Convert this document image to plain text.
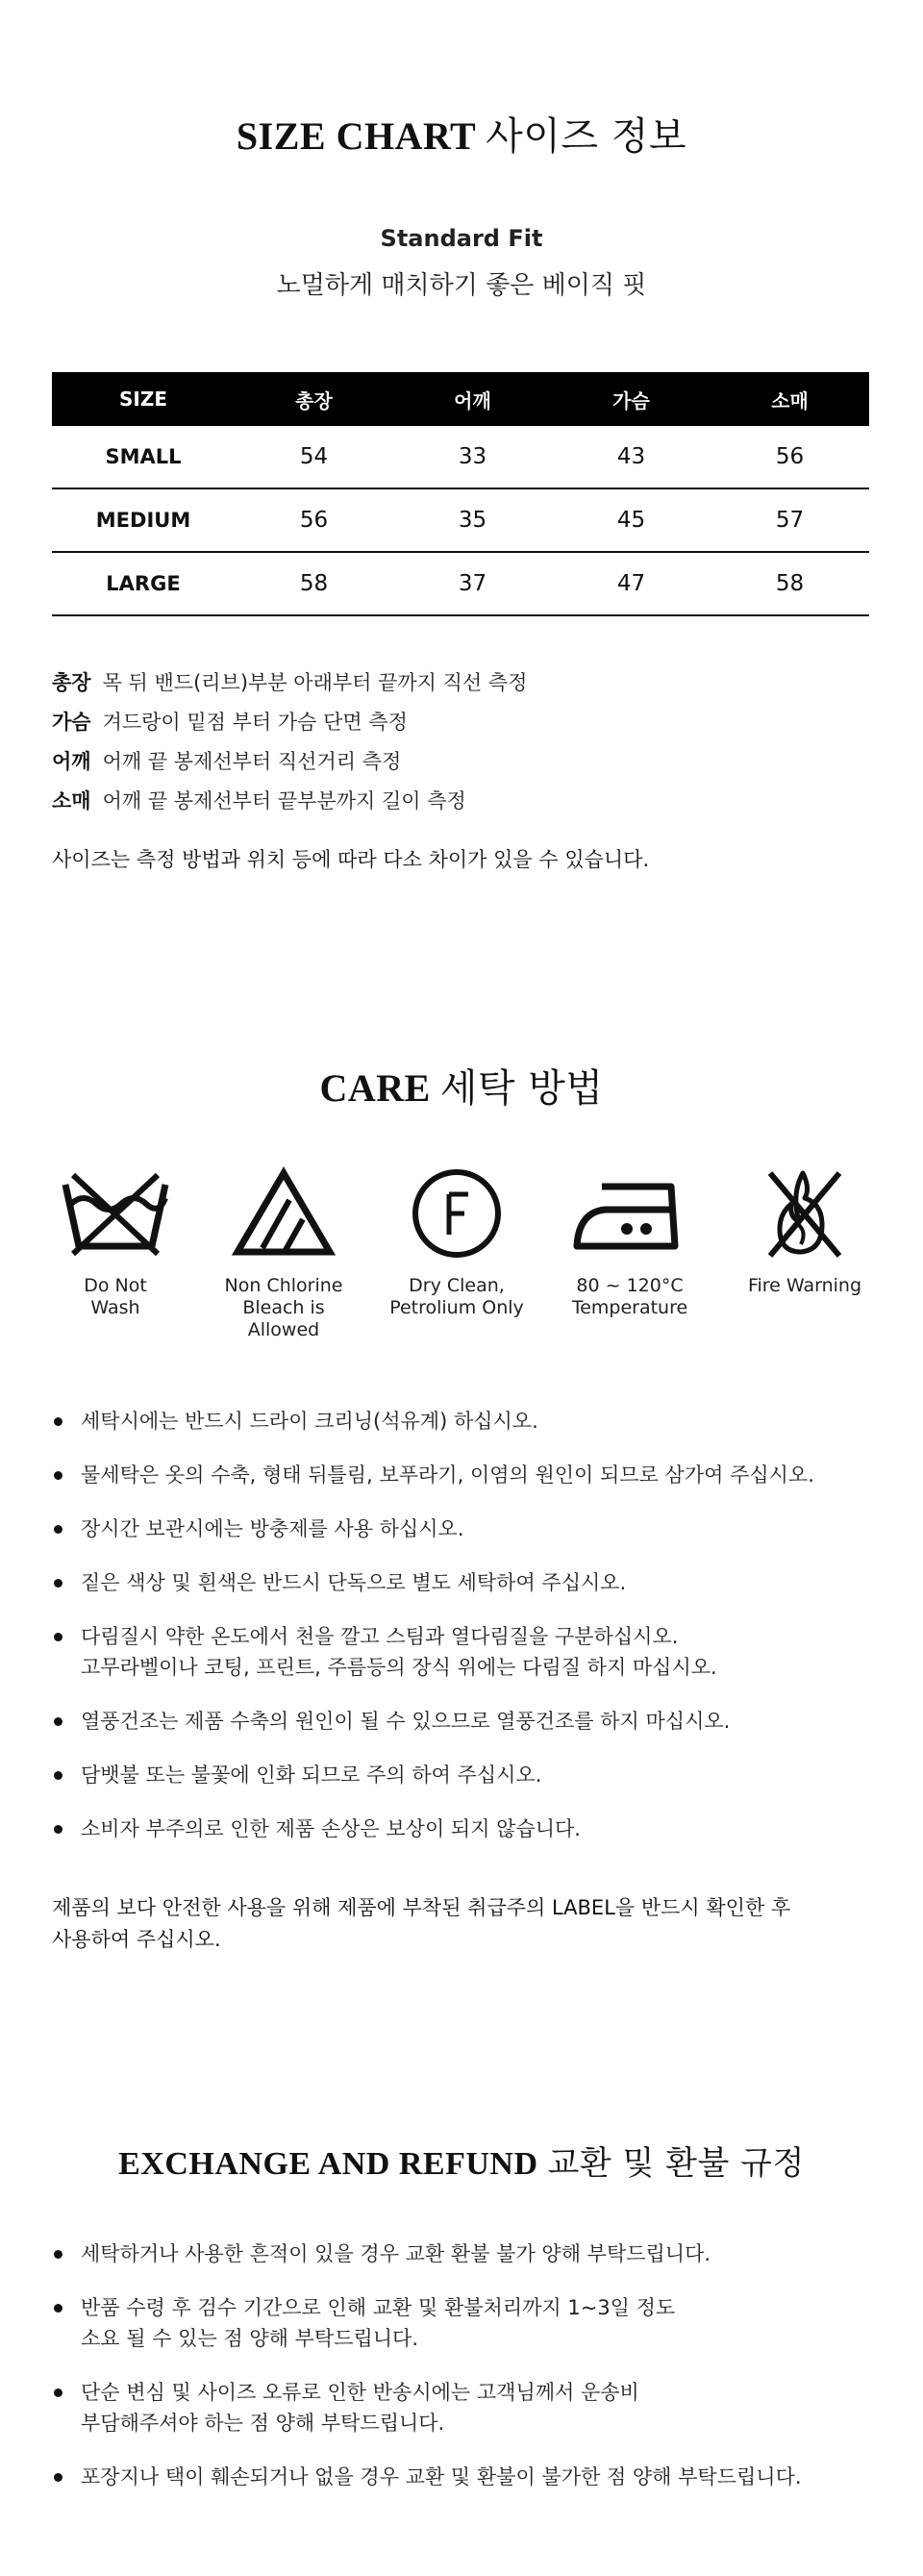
SIZE CHART 사이즈 정보
Standard Fit
노멀하게 매치하기 좋은 베이직 핏
SIZE	총장	어깨	가슴	소매
SMALL	54	33	43	56
MEDIUM	56	35	45	57
LARGE	58	37	47	58
총장 목 뒤 밴드(리브)부분 아래부터 끝까지 직선 측정
가슴 겨드랑이 밑점 부터 가슴 단면 측정
어깨 어깨 끝 봉제선부터 직선거리 측정
소매 어깨 끝 봉제선부터 끝부분까지 길이 측정
사이즈는 측정 방법과 위치 등에 따라 다소 차이가 있을 수 있습니다.
CARE 세탁 방법
Do Not
Wash
Non Chlorine
Bleach is
Allowed
Dry Clean,
Petrolium Only
80 ~ 120°C
Temperature
Fire Warning
세탁시에는 반드시 드라이 크리닝(석유계) 하십시오.
물세탁은 옷의 수축, 형태 뒤틀림, 보푸라기, 이염의 원인이 되므로 삼가여 주십시오.
장시간 보관시에는 방충제를 사용 하십시오.
짙은 색상 및 흰색은 반드시 단독으로 별도 세탁하여 주십시오.
다림질시 약한 온도에서 천을 깔고 스팀과 열다림질을 구분하십시오.
고무라벨이나 코팅, 프린트, 주름등의 장식 위에는 다림질 하지 마십시오.
열풍건조는 제품 수축의 원인이 될 수 있으므로 열풍건조를 하지 마십시오.
담뱃불 또는 불꽃에 인화 되므로 주의 하여 주십시오.
소비자 부주의로 인한 제품 손상은 보상이 되지 않습니다.
제품의 보다 안전한 사용을 위해 제품에 부착된 취급주의 LABEL을 반드시 확인한 후
사용하여 주십시오.
EXCHANGE AND REFUND 교환 및 환불 규정
세탁하거나 사용한 흔적이 있을 경우 교환 환불 불가 양해 부탁드립니다.
반품 수령 후 검수 기간으로 인해 교환 및 환불처리까지 1~3일 정도
소요 될 수 있는 점 양해 부탁드립니다.
단순 변심 및 사이즈 오류로 인한 반송시에는 고객님께서 운송비
부담해주셔야 하는 점 양해 부탁드립니다.
포장지나 택이 훼손되거나 없을 경우 교환 및 환불이 불가한 점 양해 부탁드립니다.
